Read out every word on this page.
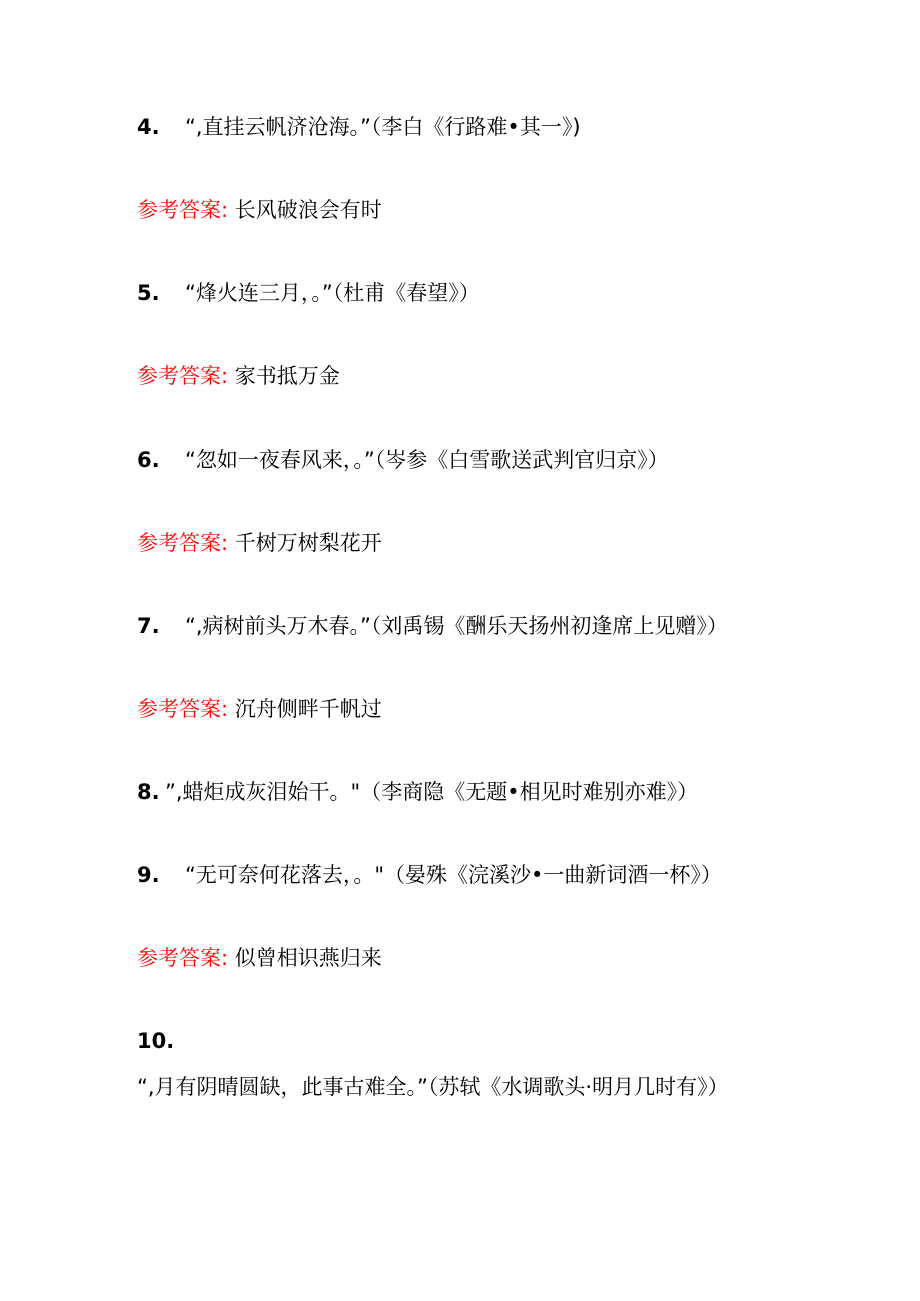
4. “,直挂云帆济沧海。”（李白《行路难•其一》)
参考答案: 长风破浪会有时
5. “烽火连三月，。”（杜甫《春望》）
参考答案: 家书抵万金
6. “忽如一夜春风来，。”（岑参《白雪歌送武判官归京》）
参考答案: 千树万树梨花开
7. “,病树前头万木春。”（刘禹锡《酬乐天扬州初逢席上见赠》）
参考答案: 沉舟侧畔千帆过
8. ”,蜡炬成灰泪始干。"（李商隐《无题•相见时难别亦难》）
9. “无可奈何花落去，。"（晏殊《浣溪沙•一曲新词酒一杯》）
参考答案: 似曾相识燕归来
10.“,月有阴晴圆缺，此事古难全。”（苏轼《水调歌头·明月几时有》）
